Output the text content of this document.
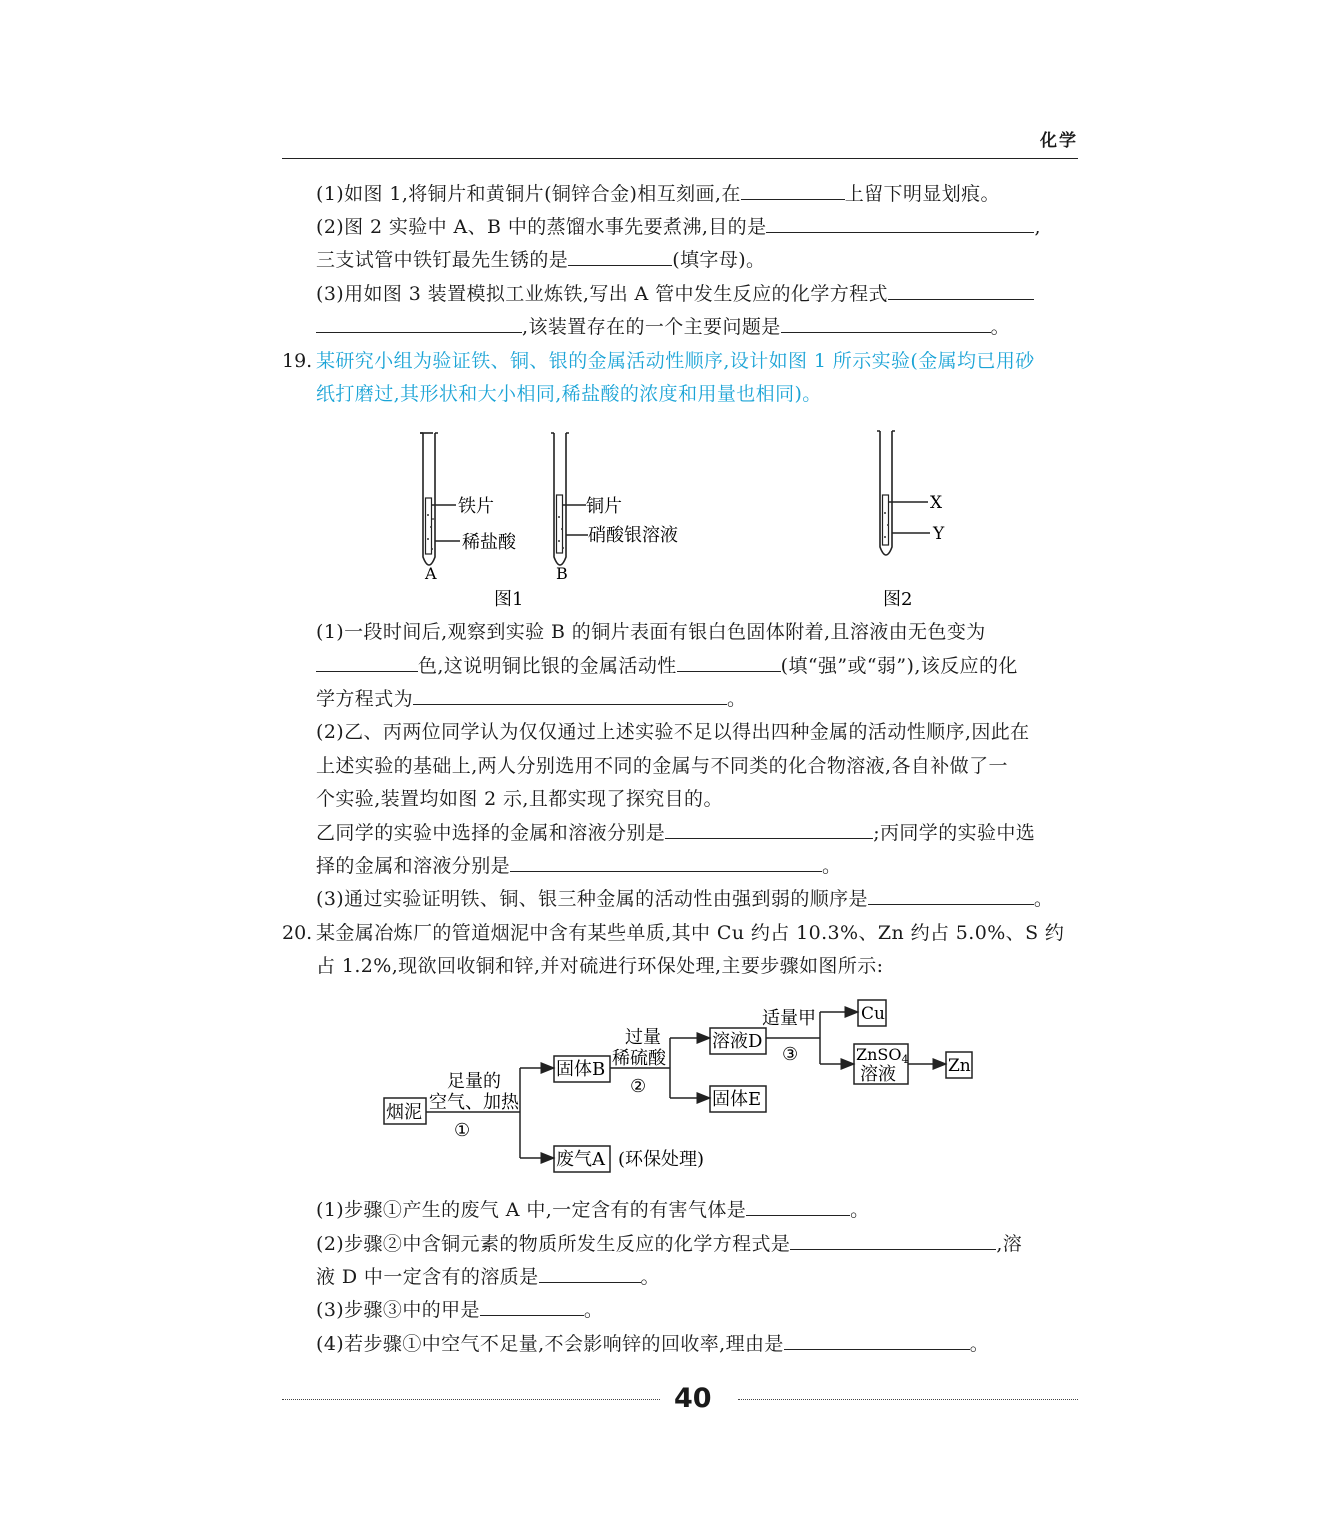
化学
(1)如图 1,将铜片和黄铜片(铜锌合金)相互刻画,在	上留下明显划痕。
(2)图 2 实验中 A、B 中的蒸馏水事先要煮沸,目的是	,
三支试管中铁钉最先生锈的是	(填字母)。
(3)用如图 3 装置模拟工业炼铁,写出 A 管中发生反应的化学方程式
,该装置存在的一个主要问题是	。
19. 某研究小组为验证铁、铜、银的金属活动性顺序,设计如图 1 所示实验(金属均已用砂
纸打磨过,其形状和大小相同,稀盐酸的浓度和用量也相同)。
铁片
稀盐酸
A
铜片
硝酸银溶液
B
X
Y
图1	图2
(1)一段时间后,观察到实验 B 的铜片表面有银白色固体附着,且溶液由无色变为
色,这说明铜比银的金属活动性	(填“强”或“弱”),该反应的化
学方程式为	。
(2)乙、丙两位同学认为仅仅通过上述实验不足以得出四种金属的活动性顺序,因此在
上述实验的基础上,两人分别选用不同的金属与不同类的化合物溶液,各自补做了一
个实验,装置均如图 2 示,且都实现了探究目的。
乙同学的实验中选择的金属和溶液分别是	;丙同学的实验中选
择的金属和溶液分别是	。
(3)通过实验证明铁、铜、银三种金属的活动性由强到弱的顺序是	。
20. 某金属冶炼厂的管道烟泥中含有某些单质,其中 Cu 约占 10.3%、Zn 约占 5.0%、S 约
占 1.2%,现欲回收铜和锌,并对硫进行环保处理,主要步骤如图所示:
烟泥
足量的
空气、加热
①
固体B
废气A (环保处理)
过量
稀硫酸
②
溶液D
固体E
适量甲
③
Cu
ZnSO4
溶液	Zn
(1)步骤①产生的废气 A 中,一定含有的有害气体是	。
(2)步骤②中含铜元素的物质所发生反应的化学方程式是	,溶
液 D 中一定含有的溶质是	。
(3)步骤③中的甲是	。
(4)若步骤①中空气不足量,不会影响锌的回收率,理由是	。
40
